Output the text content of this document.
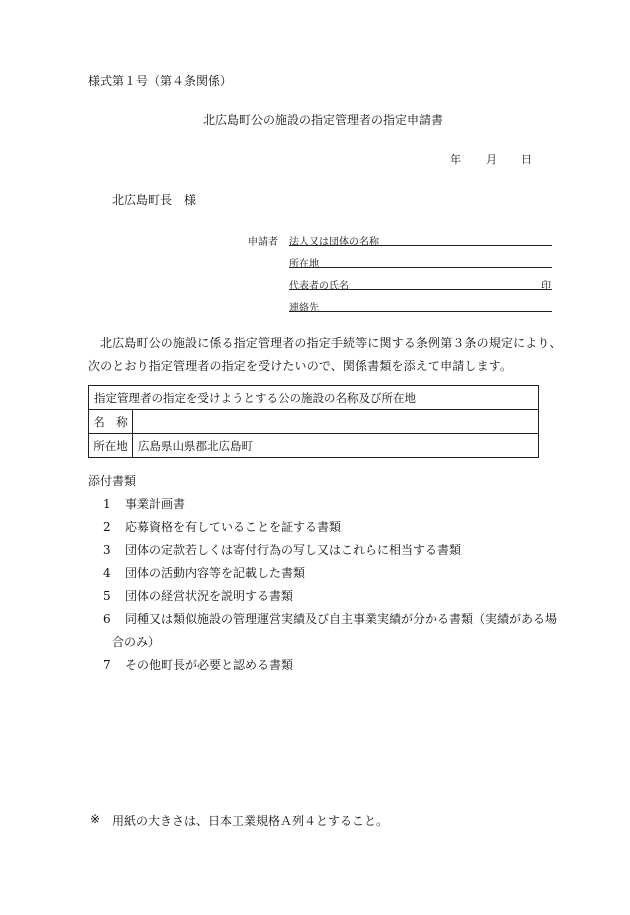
様式第１号（第４条関係）
北広島町公の施設の指定管理者の指定申請書
年 月 日
北広島町長　様
申請者 法人又は団体の名称
所在地
代表者の氏名	印
連絡先
北広島町公の施設に係る指定管理者の指定手続等に関する条例第３条の規定により、
次のとおり指定管理者の指定を受けたいので、関係書類を添えて申請します。
指定管理者の指定を受けようとする公の施設の名称及び所在地	
名　称	
所在地	広島県山県郡北広島町
添付書類
1 事業計画書
2 応募資格を有していることを証する書類
3 団体の定款若しくは寄付行為の写し又はこれらに相当する書類
4 団体の活動内容等を記載した書類
5 団体の経営状況を説明する書類
6 同種又は類似施設の管理運営実績及び自主事業実績が分かる書類（実績がある場
合のみ）
7 その他町長が必要と認める書類
※ 用紙の大きさは、日本工業規格Ａ列４とすること。
